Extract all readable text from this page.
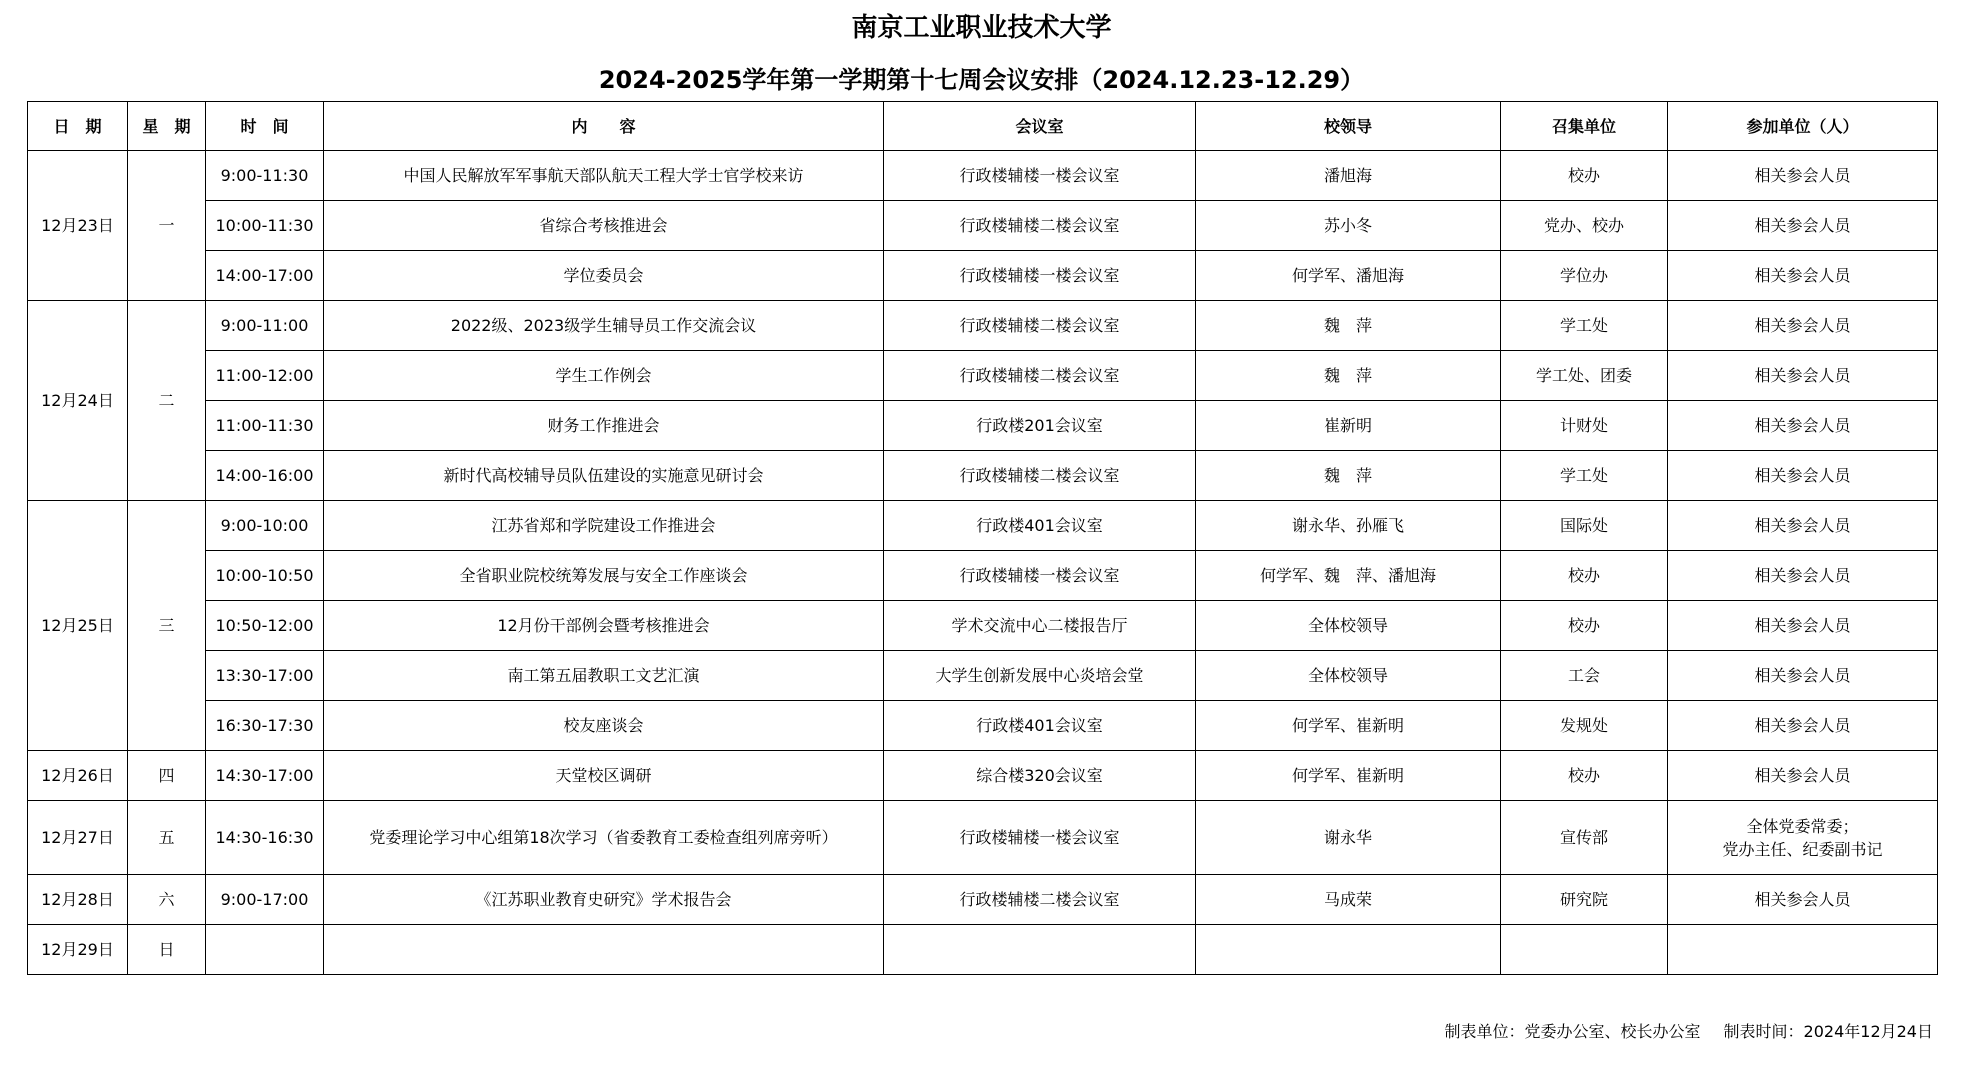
南京工业职业技术大学
2024-2025学年第一学期第十七周会议安排（2024.12.23-12.29）
日　期	星　期	时　间	内　　容	会议室	校领导	召集单位	参加单位（人）
12月23日	一	9:00-11:30	中国人民解放军军事航天部队航天工程大学士官学校来访	行政楼辅楼一楼会议室	潘旭海	校办	相关参会人员
		10:00-11:30	省综合考核推进会	行政楼辅楼二楼会议室	苏小冬	党办、校办	相关参会人员
		14:00-17:00	学位委员会	行政楼辅楼一楼会议室	何学军、潘旭海	学位办	相关参会人员
12月24日	二	9:00-11:00	2022级、2023级学生辅导员工作交流会议	行政楼辅楼二楼会议室	魏　萍	学工处	相关参会人员
		11:00-12:00	学生工作例会	行政楼辅楼二楼会议室	魏　萍	学工处、团委	相关参会人员
		11:00-11:30	财务工作推进会	行政楼201会议室	崔新明	计财处	相关参会人员
		14:00-16:00	新时代高校辅导员队伍建设的实施意见研讨会	行政楼辅楼二楼会议室	魏　萍	学工处	相关参会人员
12月25日	三	9:00-10:00	江苏省郑和学院建设工作推进会	行政楼401会议室	谢永华、孙雁飞	国际处	相关参会人员
		10:00-10:50	全省职业院校统筹发展与安全工作座谈会	行政楼辅楼一楼会议室	何学军、魏　萍、潘旭海	校办	相关参会人员
		10:50-12:00	12月份干部例会暨考核推进会	学术交流中心二楼报告厅	全体校领导	校办	相关参会人员
		13:30-17:00	南工第五届教职工文艺汇演	大学生创新发展中心炎培会堂	全体校领导	工会	相关参会人员
		16:30-17:30	校友座谈会	行政楼401会议室	何学军、崔新明	发规处	相关参会人员
12月26日	四	14:30-17:00	天堂校区调研	综合楼320会议室	何学军、崔新明	校办	相关参会人员
12月27日	五	14:30-16:30	党委理论学习中心组第18次学习（省委教育工委检查组列席旁听）	行政楼辅楼一楼会议室	谢永华	宣传部	全体党委常委；
党办主任、纪委副书记
12月28日	六	9:00-17:00	《江苏职业教育史研究》学术报告会	行政楼辅楼二楼会议室	马成荣	研究院	相关参会人员
12月29日	日						
制表单位：党委办公室、校长办公室 制表时间：2024年12月24日
